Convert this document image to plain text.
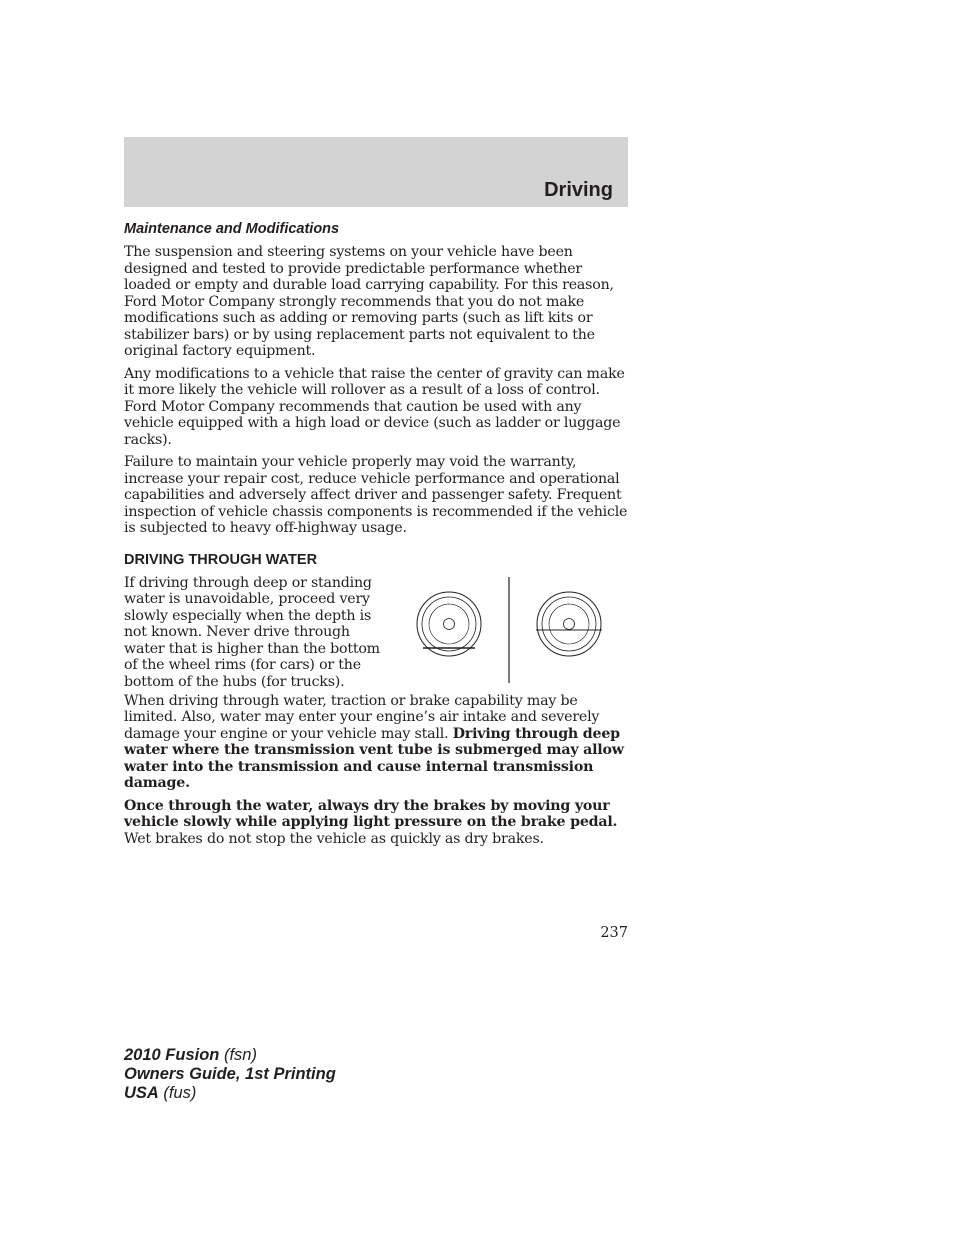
Driving
Maintenance and Modifications

The suspension and steering systems on your vehicle have been designed and tested to provide predictable performance whether loaded or empty and durable load carrying capability. For this reason, Ford Motor Company strongly recommends that you do not make modifications such as adding or removing parts (such as lift kits or stabilizer bars) or by using replacement parts not equivalent to the original factory equipment.

Any modifications to a vehicle that raise the center of gravity can make it more likely the vehicle will rollover as a result of a loss of control. Ford Motor Company recommends that caution be used with any vehicle equipped with a high load or device (such as ladder or luggage racks).

Failure to maintain your vehicle properly may void the warranty, increase your repair cost, reduce vehicle performance and operational capabilities and adversely affect driver and passenger safety. Frequent inspection of vehicle chassis components is recommended if the vehicle is subjected to heavy off-highway usage.

DRIVING THROUGH WATER

If driving through deep or standing water is unavoidable, proceed very slowly especially when the depth is not known. Never drive through water that is higher than the bottom of the wheel rims (for cars) or the bottom of the hubs (for trucks).

When driving through water, traction or brake capability may be limited. Also, water may enter your engine’s air intake and severely damage your engine or your vehicle may stall. Driving through deep water where the transmission vent tube is submerged may allow water into the transmission and cause internal transmission damage.

Once through the water, always dry the brakes by moving your vehicle slowly while applying light pressure on the brake pedal. Wet brakes do not stop the vehicle as quickly as dry brakes.

237
2010 Fusion (fsn)
Owners Guide, 1st Printing
USA (fus)
